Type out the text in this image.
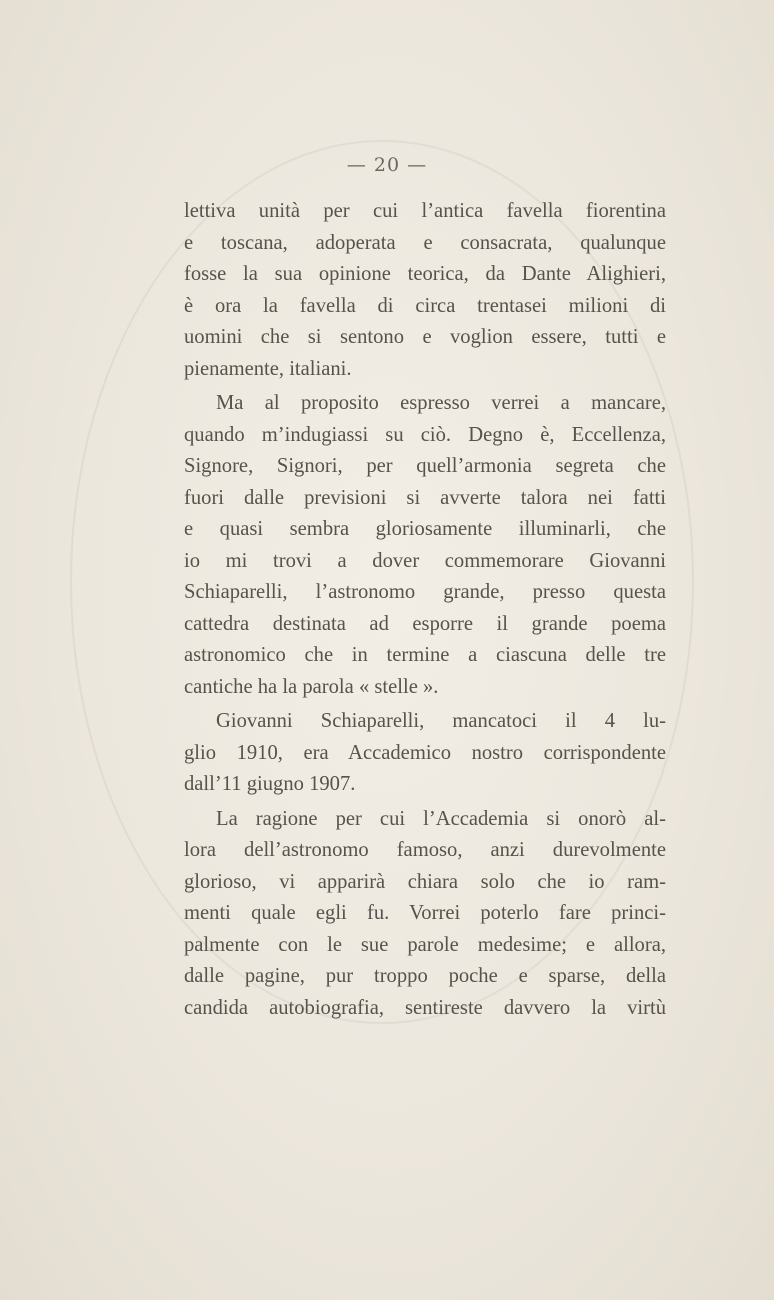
— 20 —
lettiva unità per cui l’antica favella fiorentina
e toscana, adoperata e consacrata, qualunque
fosse la sua opinione teorica, da Dante Alighieri,
è ora la favella di circa trentasei milioni di
uomini che si sentono e voglion essere, tutti e
pienamente, italiani.
Ma al proposito espresso verrei a mancare,
quando m’indugiassi su ciò. Degno è, Eccellenza,
Signore, Signori, per quell’armonia segreta che
fuori dalle previsioni si avverte talora nei fatti
e quasi sembra gloriosamente illuminarli, che
io mi trovi a dover commemorare Giovanni
Schiaparelli, l’astronomo grande, presso questa
cattedra destinata ad esporre il grande poema
astronomico che in termine a ciascuna delle tre
cantiche ha la parola « stelle ».
Giovanni Schiaparelli, mancatoci il 4 lu-
glio 1910, era Accademico nostro corrispondente
dall’11 giugno 1907.
La ragione per cui l’Accademia si onorò al-
lora dell’astronomo famoso, anzi durevolmente
glorioso, vi apparirà chiara solo che io ram-
menti quale egli fu. Vorrei poterlo fare princi-
palmente con le sue parole medesime; e allora,
dalle pagine, pur troppo poche e sparse, della
candida autobiografia, sentireste davvero la virtù
